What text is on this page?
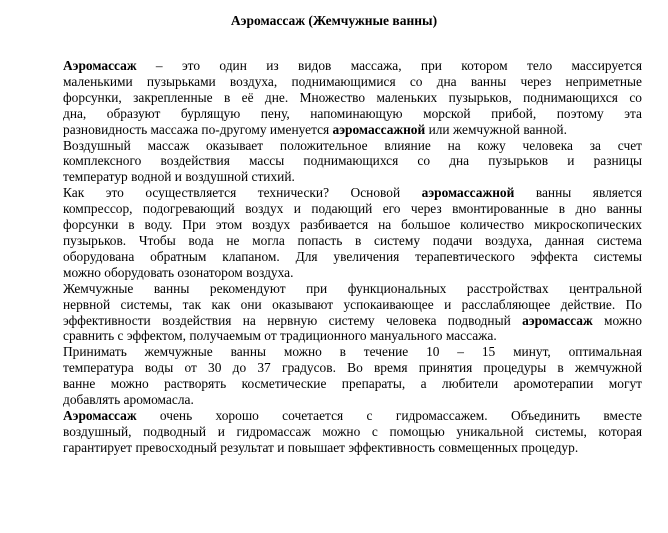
Аэромассаж (Жемчужные ванны)

Аэромассаж – это один из видов массажа, при котором тело массируется
маленькими пузырьками воздуха, поднимающимися со дна ванны через неприметные
форсунки, закрепленные в её дне. Множество маленьких пузырьков, поднимающихся со
дна, образуют бурлящую пену, напоминающую морской прибой, поэтому эта
разновидность массажа по-другому именуется аэромассажной или жемчужной ванной.

Воздушный массаж оказывает положительное влияние на кожу человека за счет
комплексного воздействия массы поднимающихся со дна пузырьков и разницы
температур водной и воздушной стихий.

Как это осуществляется технически? Основой аэромассажной ванны является
компрессор, подогревающий воздух и подающий его через вмонтированные в дно ванны
форсунки в воду. При этом воздух разбивается на большое количество микроскопических
пузырьков. Чтобы вода не могла попасть в систему подачи воздуха, данная система
оборудована обратным клапаном. Для увеличения терапевтического эффекта системы
можно оборудовать озонатором воздуха.

Жемчужные ванны рекомендуют при функциональных расстройствах центральной
нервной системы, так как они оказывают успокаивающее и расслабляющее действие. По
эффективности воздействия на нервную систему человека подводный аэромассаж можно
сравнить с эффектом, получаемым от традиционного мануального массажа.

Принимать жемчужные ванны можно в течение 10 – 15 минут, оптимальная
температура воды от 30 до 37 градусов. Во время принятия процедуры в жемчужной
ванне можно растворять косметические препараты, а любители аромотерапии могут
добавлять аромомасла.

Аэромассаж очень хорошо сочетается с гидромассажем. Объединить вместе
воздушный, подводный и гидромассаж можно с помощью уникальной системы, которая
гарантирует превосходный результат и повышает эффективность совмещенных процедур.
